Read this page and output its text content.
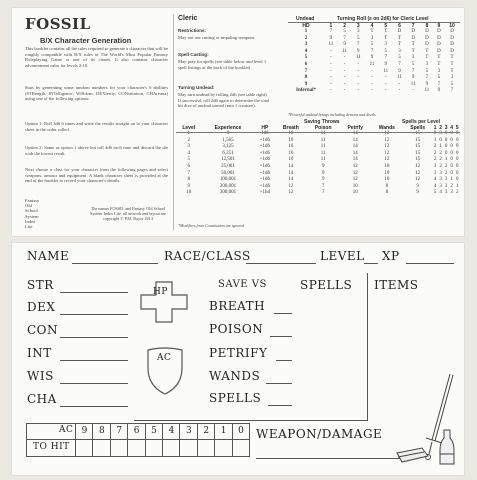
FOSSIL
B/X Character Generation
This booklet contains all the rules required to generate a character that will be roughly compatible with B/X rules of The World's Most Popular Fantasy Roleplaying Game or one of its clones. It also contains character advancement rules for levels 2-10.
Start by generating some random numbers for your character's 6 abilities (STRength, INTelligence, WISdom, DEXterity, CONstitution, CHArisma) using one of the following options:
Option 1: Roll 3d6 6 times and write the results straight on to your character sheet in the order rolled.
Option 2: Same as option 1 above but roll 4d6 each time and discard the die with the lowest result.
Next choose a class for your character from the following pages and select weapons, armour and equipment. A blank character sheet is provided at the end of the booklet to record your character's details.
Fantasy
Old
School
System
Index
Lite
The names FOSSIL and Fantasy Old School System Index Lite, all artwork and layout are copyright © P.M. Boyer 2014
Cleric
Restrictions:
May not use cutting or impaling weapons.
Spell Casting:
May pray for spells (see table below and level 1 spell listings at the back of the booklet).
Turning Undead:
May turn undead by rolling 2d6 (see table right). If successful, roll 2d6 again to determine the total hit dice of undead turned (min 1 creature).
Undead	Turning Roll (≥ on 2d6) for Cleric Level
HD	1	2	3	4	5	6	7	8	9	10
1	7	5	3	T	T	D	D	D	D	D
2	9	7	5	3	T	T	D	D	D	D
3	11	9	7	5	3	T	T	D	D	D
4	-	11	9	7	5	3	T	T	D	D
5	-	-	11	9	7	5	3	T	T	T
6	-	-	-	11	9	7	5	3	T	T
7	-	-	-	-	11	9	7	5	3	T
8	-	-	-	-	-	11	9	7	5	3
9	-	-	-	-	-	-	11	9	7	5
Infernal*	-	-	-	-	-	-	-	11	9	7
*Powerful undead beings including demons and devils.
Saving Throws	Spells per Level
Level	Experience	HP	Breath	Poison	Petrify	Wands	Spells	1	2	3	4	5
1	0	1d6	16	11	14	12	15	0	0	0	0	0
2	1,565	+1d6	16	11	14	12	15	1	0	0	0	0
3	3,125	+1d6	16	11	14	12	15	2	1	0	0	0
4	6,251	+1d6	16	11	14	12	15	2	2	0	0	0
5	12,501	+1d6	16	11	14	12	15	2	2	1	0	0
6	25,001	+1d6	14	9	12	10	12	3	2	2	0	0
7	50,001	+1d6	14	9	12	10	12	3	3	2	0	0
8	100,001	+1d6	14	9	12	10	12	4	3	3	1	0
9	200,001	+1d6	12	7	10	8	9	4	3	3	2	1
10	300,001	+1hd	12	7	10	8	9	5	4	3	3	2
*Modifiers from Constitution are ignored
NAME	RACE/CLASS	LEVEL XP
STR
DEX
CON
INT
WIS
CHA
HP
AC
SAVE VS
BREATH
POISON
PETRIFY
WANDS
SPELLS
SPELLS ITEMS
AC
TO HIT
9	8	7	6	5	4	3	2	1	0 WEAPON/DAMAGE
